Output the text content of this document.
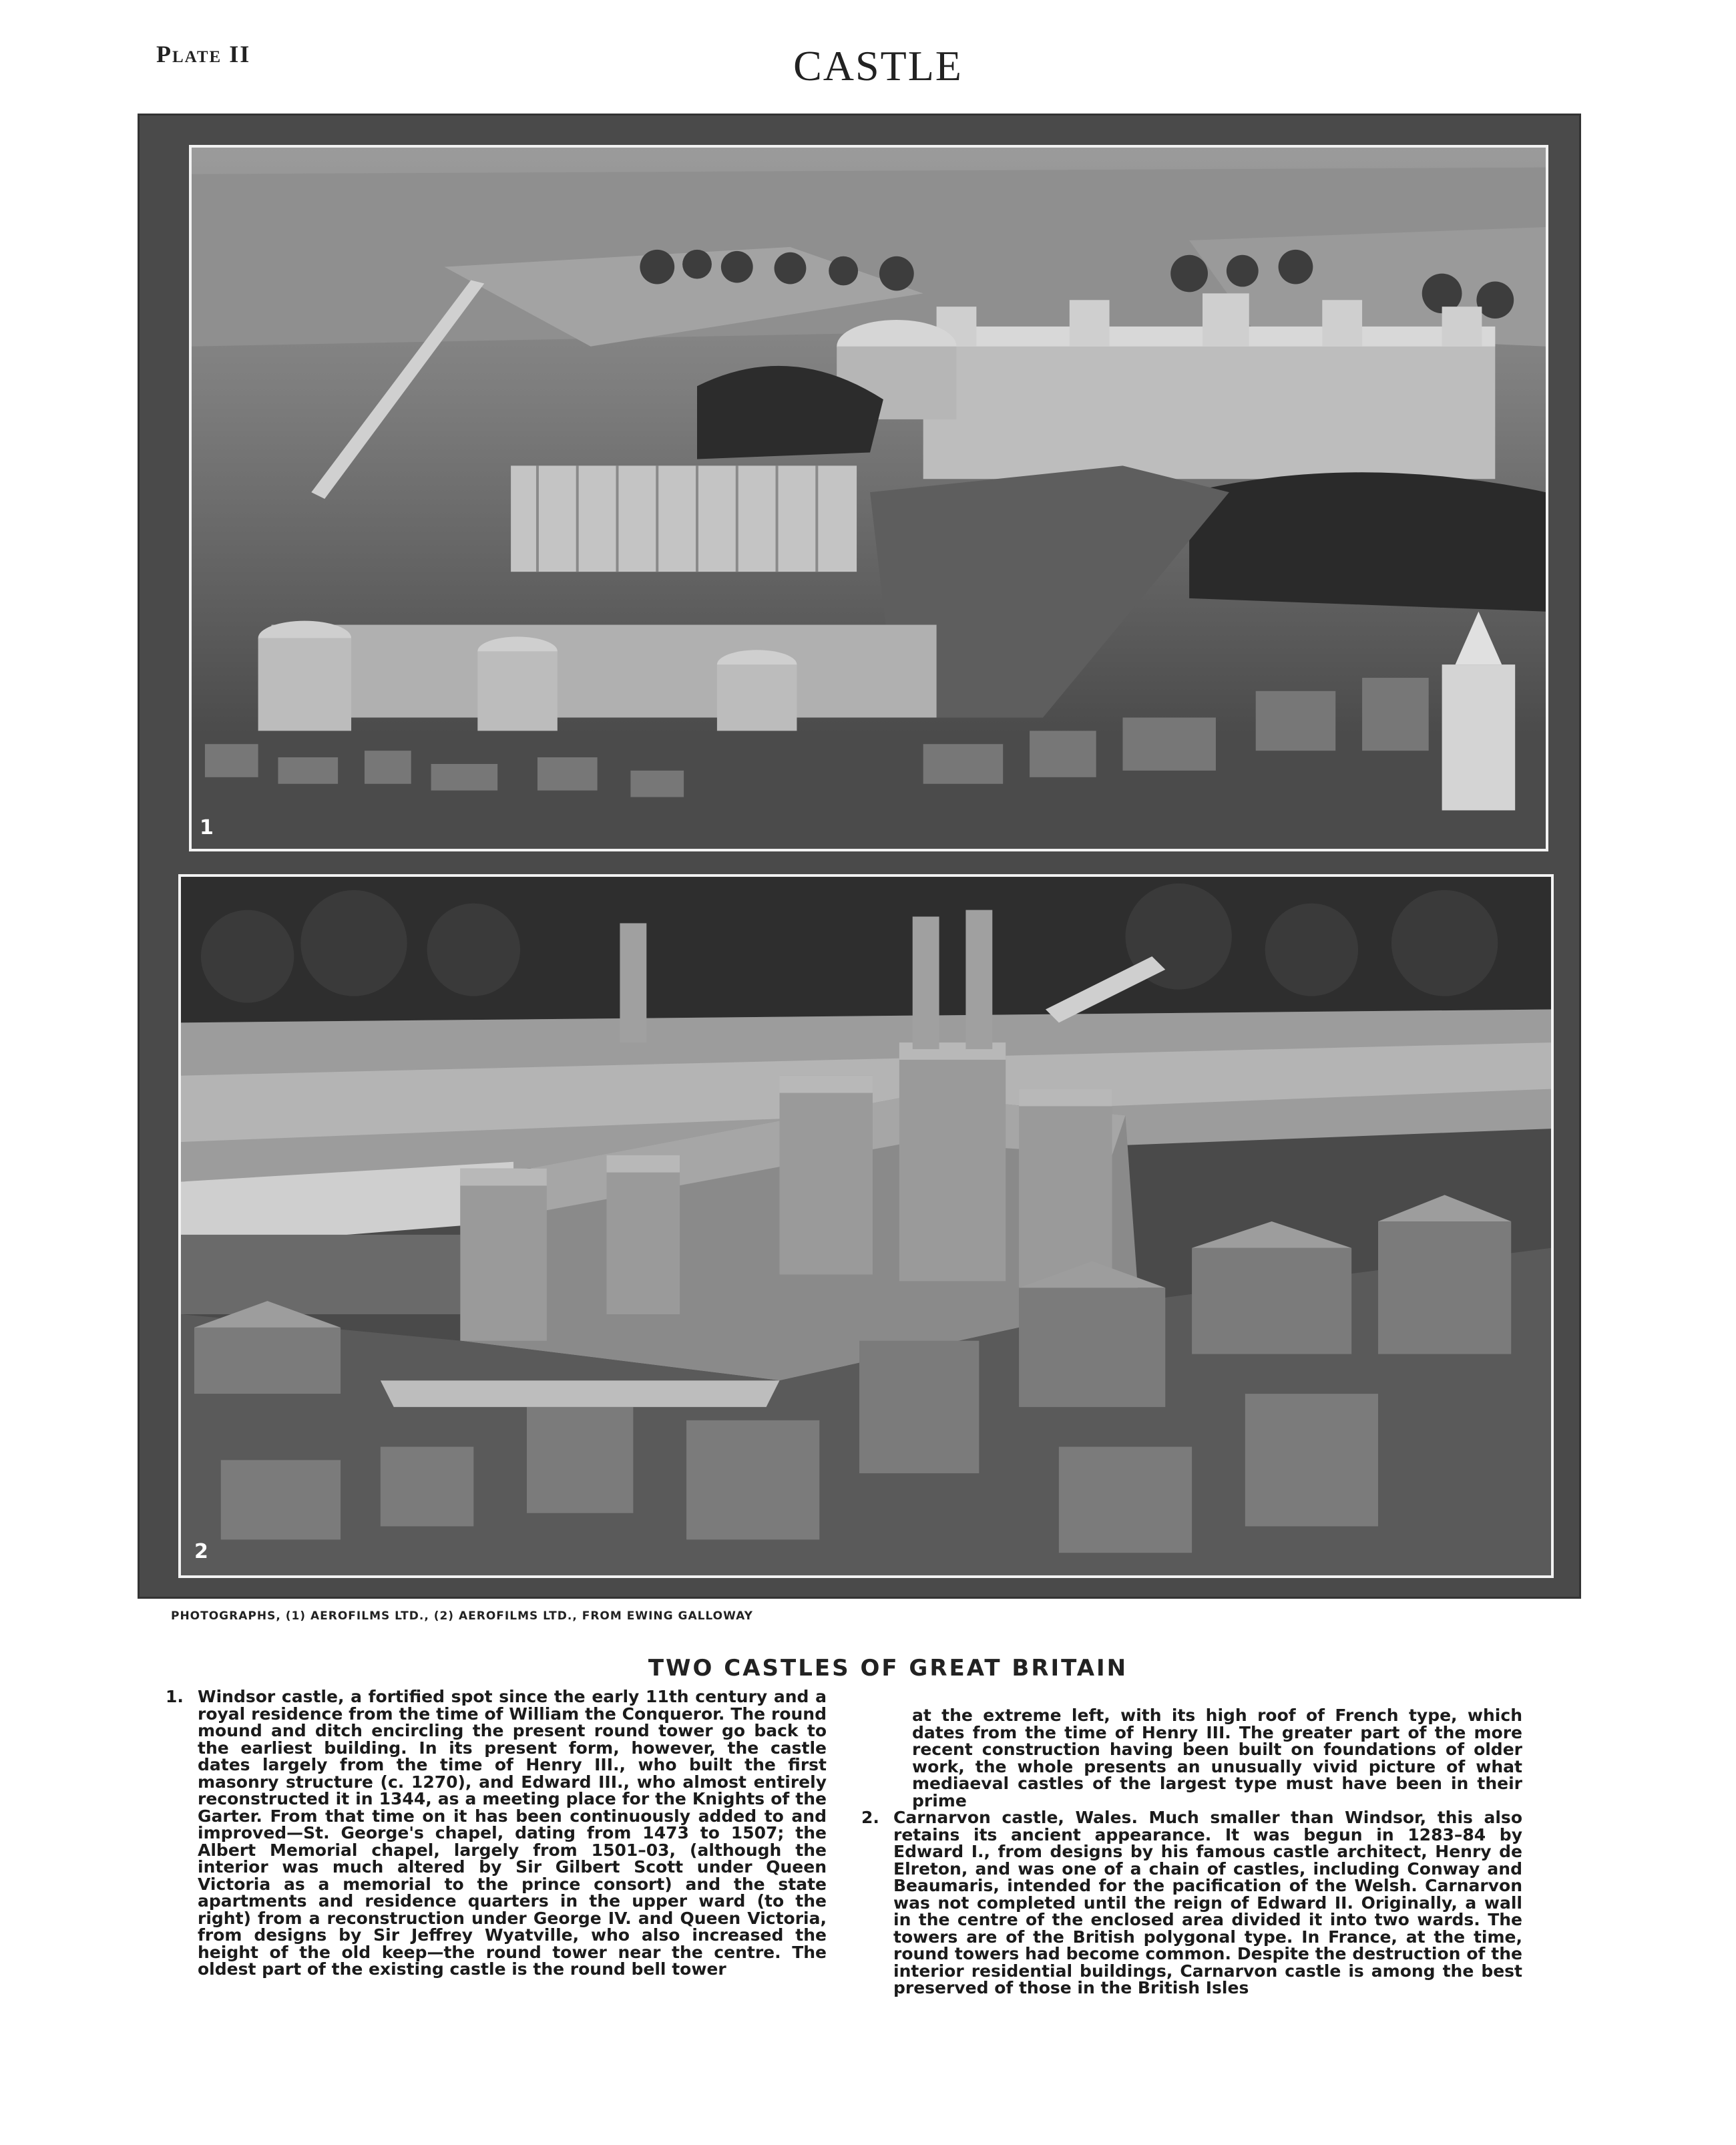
Plate II	CASTLE
1
2
PHOTOGRAPHS, (1) AEROFILMS LTD., (2) AEROFILMS LTD., FROM EWING GALLOWAY
TWO CASTLES OF GREAT BRITAIN
1. Windsor castle, a fortified spot since the early 11th century and a royal residence from the time of William the Conqueror. The round mound and ditch encircling the present round tower go back to the earliest building. In its present form, however, the castle dates largely from the time of Henry III., who built the first masonry structure (c. 1270), and Edward III., who almost entirely reconstructed it in 1344, as a meeting place for the Knights of the Garter. From that time on it has been continuously added to and improved—St. George's chapel, dating from 1473 to 1507; the Albert Memorial chapel, largely from 1501–03, (although the interior was much altered by Sir Gilbert Scott under Queen Victoria as a memorial to the prince consort) and the state apartments and residence quarters in the upper ward (to the right) from a reconstruction under George IV. and Queen Victoria, from designs by Sir Jeffrey Wyatville, who also increased the height of the old keep—the round tower near the centre. The oldest part of the existing castle is the round bell tower

at the extreme left, with its high roof of French type, which dates from the time of Henry III. The greater part of the more recent construction having been built on foundations of older work, the whole presents an unusually vivid picture of what mediaeval castles of the largest type must have been in their prime

2. Carnarvon castle, Wales. Much smaller than Windsor, this also retains its ancient appearance. It was begun in 1283–84 by Edward I., from designs by his famous castle architect, Henry de Elreton, and was one of a chain of castles, including Conway and Beaumaris, intended for the pacification of the Welsh. Carnarvon was not completed until the reign of Edward II. Originally, a wall in the centre of the enclosed area divided it into two wards. The towers are of the British polygonal type. In France, at the time, round towers had become common. Despite the destruction of the interior residential buildings, Carnarvon castle is among the best preserved of those in the British Isles
